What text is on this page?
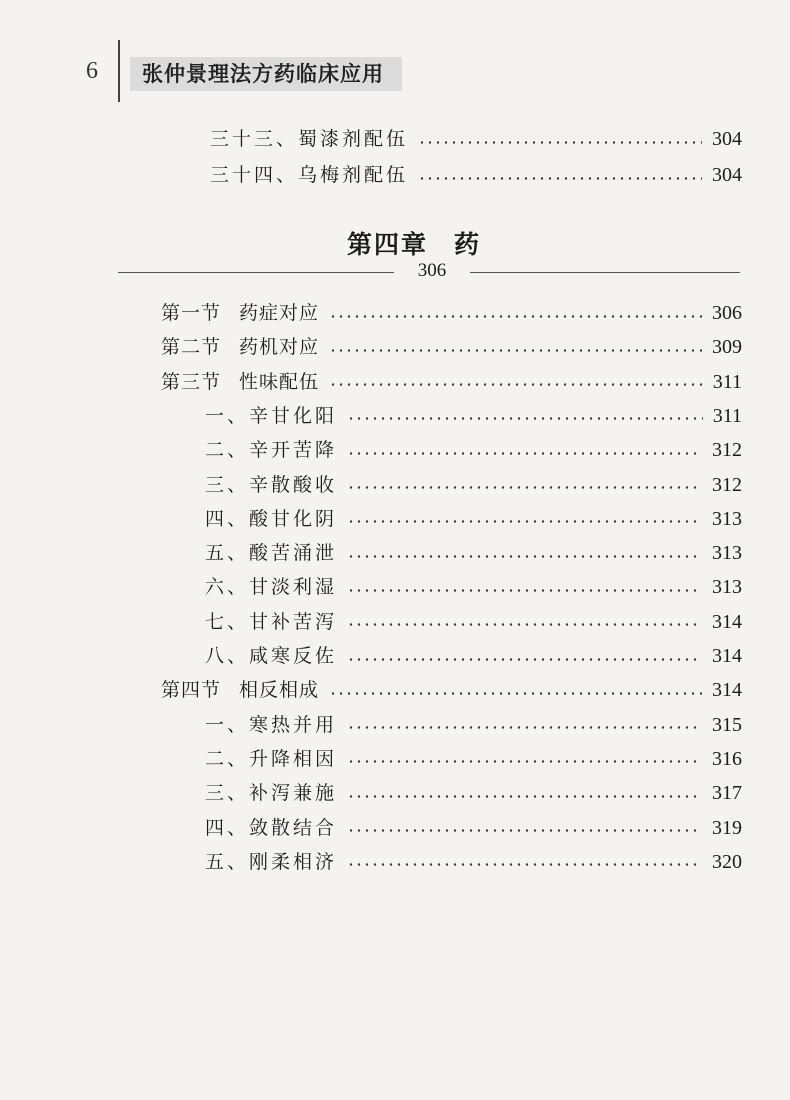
6	张仲景理法方药临床应用
三十三、蜀漆剂配伍	304
三十四、乌梅剂配伍	304
第四章 药
306
第一节 药症对应	306
第二节 药机对应	309
第三节 性味配伍	311
一、辛甘化阳	311
二、辛开苦降	312
三、辛散酸收	312
四、酸甘化阴	313
五、酸苦涌泄	313
六、甘淡利湿	313
七、甘补苦泻	314
八、咸寒反佐	314
第四节 相反相成	314
一、寒热并用	315
二、升降相因	316
三、补泻兼施	317
四、敛散结合	319
五、刚柔相济	320
